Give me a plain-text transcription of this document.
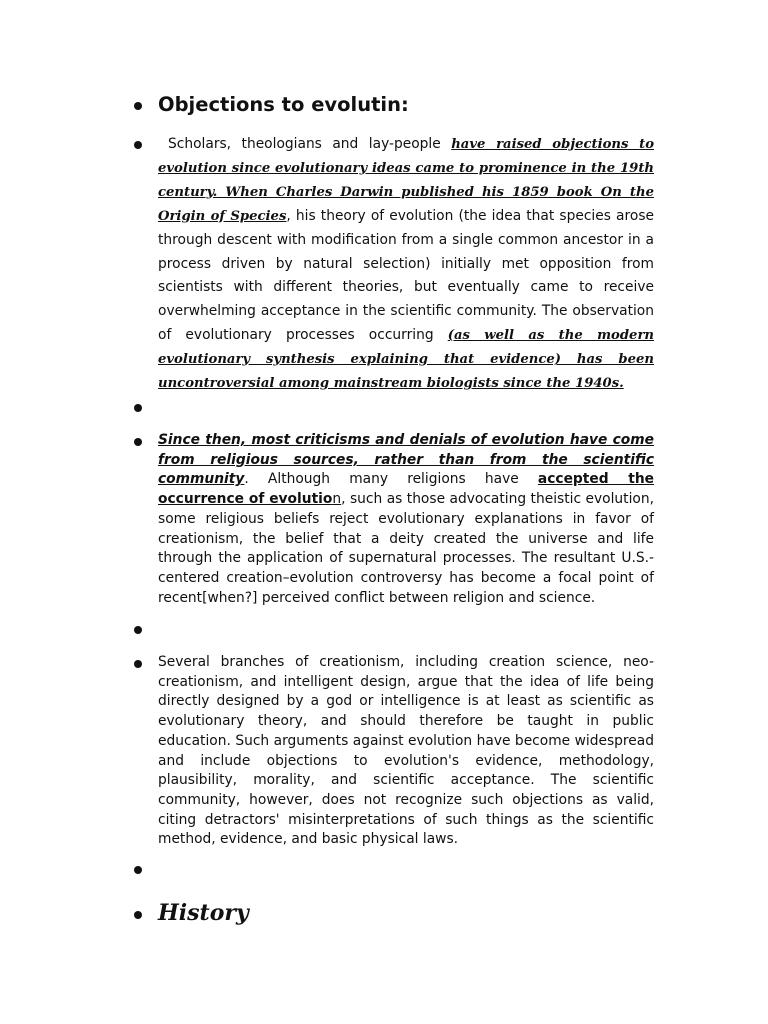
Objections to evolutin:
Scholars, theologians and lay-people have raised objections to evolution since evolutionary ideas came to prominence in the 19th century. When Charles Darwin published his 1859 book On the Origin of Species, his theory of evolution (the idea that species arose through descent with modification from a single common ancestor in a process driven by natural selection) initially met opposition from scientists with different theories, but eventually came to receive overwhelming acceptance in the scientific community. The observation of evolutionary processes occurring (as well as the modern evolutionary synthesis explaining that evidence) has been uncontroversial among mainstream biologists since the 1940s.
Since then, most criticisms and denials of evolution have come from religious sources, rather than from the scientific community. Although many religions have accepted the occurrence of evolution, such as those advocating theistic evolution, some religious beliefs reject evolutionary explanations in favor of creationism, the belief that a deity created the universe and life through the application of supernatural processes. The resultant U.S.-centered creation–evolution controversy has become a focal point of recent[when?] perceived conflict between religion and science.
Several branches of creationism, including creation science, neo-creationism, and intelligent design, argue that the idea of life being directly designed by a god or intelligence is at least as scientific as evolutionary theory, and should therefore be taught in public education. Such arguments against evolution have become widespread and include objections to evolution's evidence, methodology, plausibility, morality, and scientific acceptance. The scientific community, however, does not recognize such objections as valid, citing detractors' misinterpretations of such things as the scientific method, evidence, and basic physical laws.
History
